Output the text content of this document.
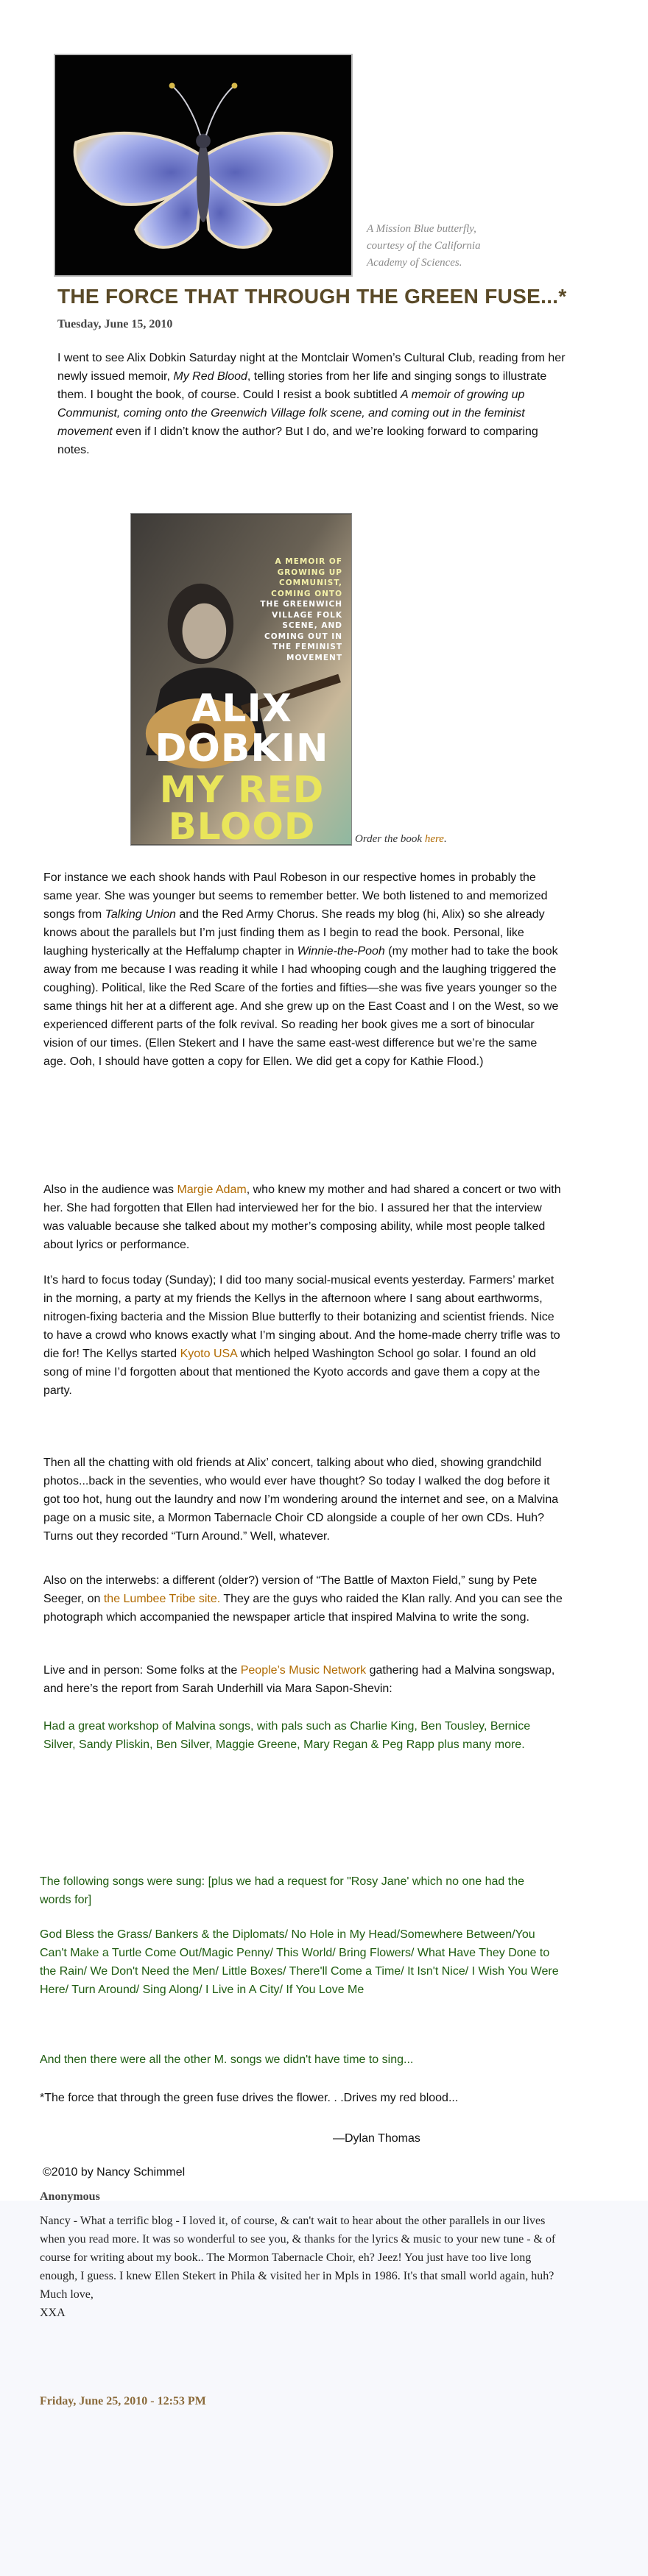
A Mission Blue butterfly,
courtesy of the California
Academy of Sciences.
THE FORCE THAT THROUGH THE GREEN FUSE...*
Tuesday, June 15, 2010
I went to see Alix Dobkin Saturday night at the Montclair Women’s Cultural Club, reading from her newly issued memoir, My Red Blood, telling stories from her life and singing songs to illustrate them. I bought the book, of course. Could I resist a book subtitled A memoir of growing up Communist, coming onto the Greenwich Village folk scene, and coming out in the feminist movement even if I didn’t know the author? But I do, and we’re looking forward to comparing notes.
A MEMOIR OF
GROWING UP
COMMUNIST,
COMING ONTO
THE GREENWICH
VILLAGE FOLK
SCENE, AND
COMING OUT IN
THE FEMINIST
MOVEMENT
ALIX
DOBKIN
MY RED
BLOOD	Order the book here.
For instance we each shook hands with Paul Robeson in our respective homes in probably the same year. She was younger but seems to remember better. We both listened to and memorized songs from Talking Union and the Red Army Chorus. She reads my blog (hi, Alix) so she already knows about the parallels but I’m just finding them as I begin to read the book. Personal, like laughing hysterically at the Heffalump chapter in Winnie-the-Pooh (my mother had to take the book away from me because I was reading it while I had whooping cough and the laughing triggered the coughing). Political, like the Red Scare of the forties and fifties—she was five years younger so the same things hit her at a different age. And she grew up on the East Coast and I on the West, so we experienced different parts of the folk revival. So reading her book gives me a sort of binocular vision of our times. (Ellen Stekert and I have the same east-west difference but we’re the same age. Ooh, I should have gotten a copy for Ellen. We did get a copy for Kathie Flood.)
Also in the audience was Margie Adam, who knew my mother and had shared a concert or two with her. She had forgotten that Ellen had interviewed her for the bio. I assured her that the interview was valuable because she talked about my mother’s composing ability, while most people talked about lyrics or performance.
It’s hard to focus today (Sunday); I did too many social-musical events yesterday. Farmers’ market in the morning, a party at my friends the Kellys in the afternoon where I sang about earthworms, nitrogen-fixing bacteria and the Mission Blue butterfly to their botanizing and scientist friends. Nice to have a crowd who knows exactly what I’m singing about. And the home-made cherry trifle was to die for! The Kellys started Kyoto USA which helped Washington School go solar. I found an old song of mine I’d forgotten about that mentioned the Kyoto accords and gave them a copy at the party.
Then all the chatting with old friends at Alix’ concert, talking about who died, showing grandchild photos...back in the seventies, who would ever have thought? So today I walked the dog before it got too hot, hung out the laundry and now I’m wondering around the internet and see, on a Malvina page on a music site, a Mormon Tabernacle Choir CD alongside a couple of her own CDs. Huh? Turns out they recorded “Turn Around.” Well, whatever.
Also on the interwebs: a different (older?) version of “The Battle of Maxton Field,” sung by Pete Seeger, on the Lumbee Tribe site. They are the guys who raided the Klan rally. And you can see the photograph which accompanied the newspaper article that inspired Malvina to write the song.
Live and in person: Some folks at the People’s Music Network gathering had a Malvina songswap, and here’s the report from Sarah Underhill via Mara Sapon-Shevin:
Had a great workshop of Malvina songs, with pals such as Charlie King, Ben Tousley, Bernice Silver, Sandy Pliskin, Ben Silver, Maggie Greene, Mary Regan & Peg Rapp plus many more.
The following songs were sung: [plus we had a request for "Rosy Jane' which no one had the words for]
God Bless the Grass/ Bankers & the Diplomats/ No Hole in My Head/Somewhere Between/You Can't Make a Turtle Come Out/Magic Penny/ This World/ Bring Flowers/ What Have They Done to the Rain/ We Don't Need the Men/ Little Boxes/ There'll Come a Time/ It Isn't Nice/ I Wish You Were Here/ Turn Around/ Sing Along/ I Live in A City/ If You Love Me
And then there were all the other M. songs we didn't have time to sing...
*The force that through the green fuse drives the flower. . .Drives my red blood...
—Dylan Thomas
©2010 by Nancy Schimmel
Anonymous
Nancy - What a terrific blog - I loved it, of course, & can't wait to hear about the other parallels in our lives when you read more. It was so wonderful to see you, & thanks for the lyrics & music to your new tune - & of course for writing about my book.. The Mormon Tabernacle Choir, eh? Jeez! You just have too live long enough, I guess. I knew Ellen Stekert in Phila & visited her in Mpls in 1986. It's that small world again, huh?
Much love,
XXA
Friday, June 25, 2010 - 12:53 PM
